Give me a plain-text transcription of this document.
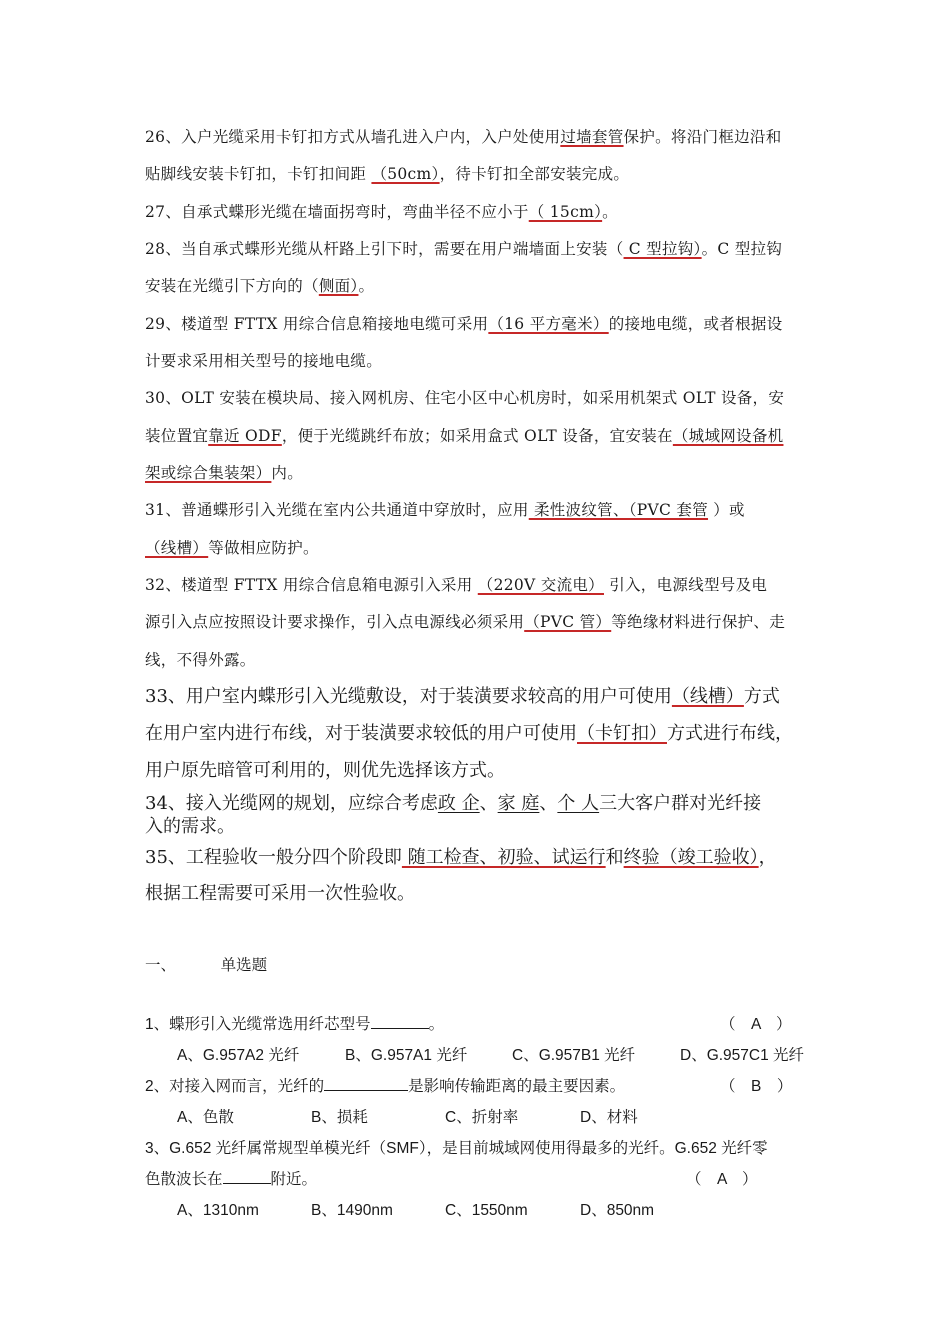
26、入户光缆采用卡钉扣方式从墙孔进入户内，入户处使用过墙套管保护。将沿门框边沿和
贴脚线安装卡钉扣，卡钉扣间距 （50cm），待卡钉扣全部安装完成。
27、自承式蝶形光缆在墙面拐弯时，弯曲半径不应小于（ 15cm）。
28、当自承式蝶形光缆从杆路上引下时，需要在用户端墙面上安装（ C 型拉钩）。C 型拉钩
安装在光缆引下方向的（侧面）。
29、楼道型 FTTX 用综合信息箱接地电缆可采用（16 平方毫米）的接地电缆，或者根据设
计要求采用相关型号的接地电缆。
30、OLT 安装在模块局、接入网机房、住宅小区中心机房时，如采用机架式 OLT 设备，安
装位置宜靠近 ODF，便于光缆跳纤布放；如采用盒式 OLT 设备，宜安装在（城域网设备机
架或综合集装架）内。
31、普通蝶形引入光缆在室内公共通道中穿放时，应用 柔性波纹管、（PVC 套管 ）或
（线槽）等做相应防护。
32、楼道型 FTTX 用综合信息箱电源引入采用 （220V 交流电） 引入，电源线型号及电
源引入点应按照设计要求操作，引入点电源线必须采用（PVC 管）等绝缘材料进行保护、走
线，不得外露。
33、用户室内蝶形引入光缆敷设，对于装潢要求较高的用户可使用（线槽）方式
在用户室内进行布线，对于装潢要求较低的用户可使用（卡钉扣）方式进行布线，
用户原先暗管可利用的，则优先选择该方式。
34、接入光缆网的规划，应综合考虑政 企、家 庭、个 人三大客户群对光纤接
入的需求。
35、工程验收一般分四个阶段即 随工检查、初验、试运行和终验（竣工验收），
根据工程需要可采用一次性验收。
一、	单选题
1、蝶形引入光缆常选用纤芯型号	。	（　A　）
A、G.957A2 光纤	B、G.957A1 光纤	C、G.957B1 光纤	D、G.957C1 光纤
2、对接入网而言，光纤的	是影响传输距离的最主要因素。	（　B　）
A、色散	B、损耗	C、折射率	D、材料
3、G.652 光纤属常规型单模光纤（SMF），是目前城域网使用得最多的光纤。G.652 光纤零
色散波长在	附近。	（　A　）
A、1310nm	B、1490nm	C、1550nm	D、850nm
